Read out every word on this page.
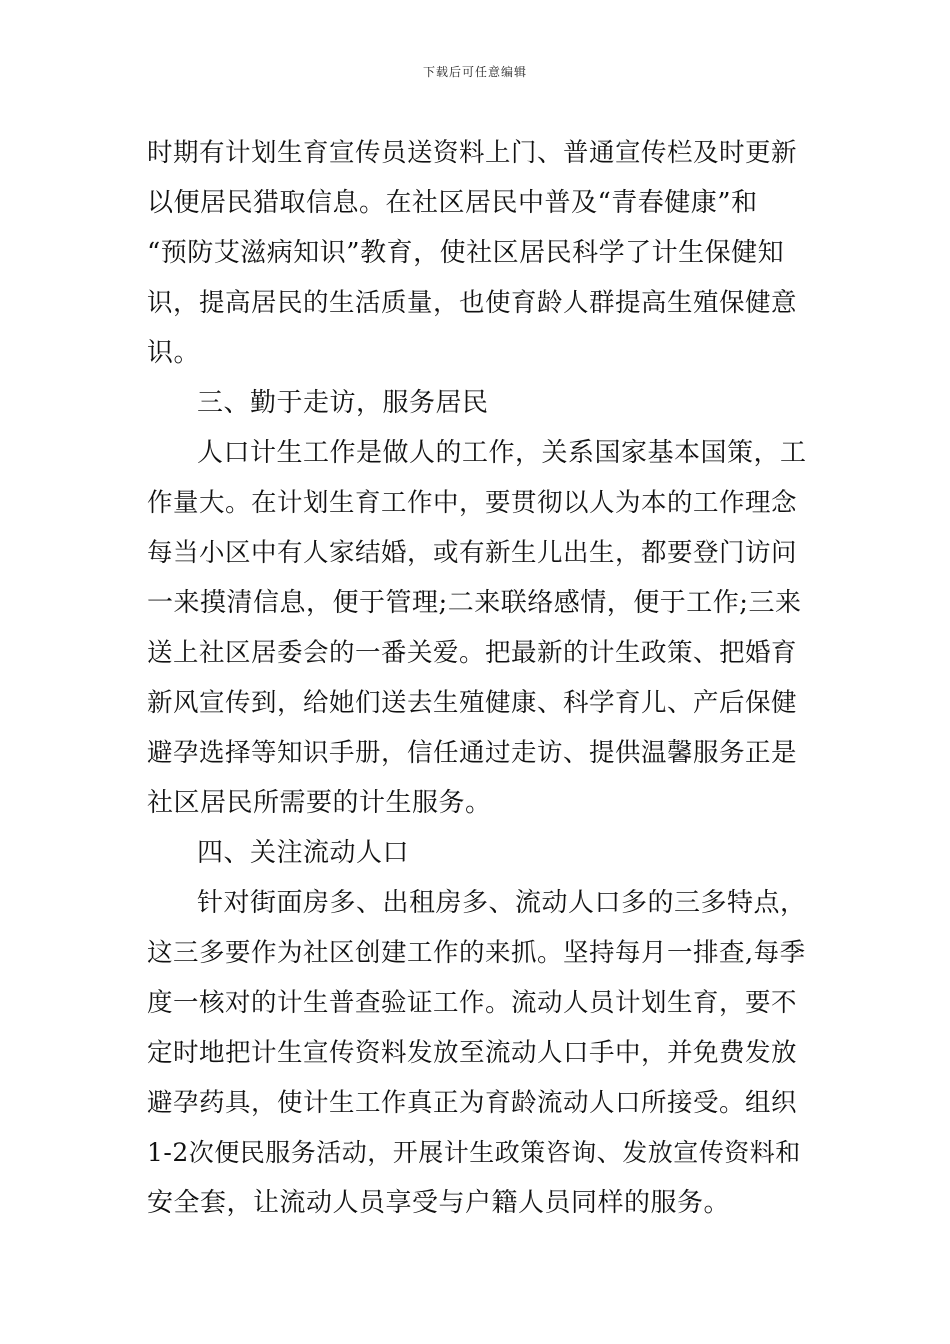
下载后可任意编辑
时期有计划生育宣传员送资料上门、普通宣传栏及时更新
以便居民猎取信息。在社区居民中普及“青春健康”和
“预防艾滋病知识”教育，使社区居民科学了计生保健知
识，提高居民的生活质量，也使育龄人群提高生殖保健意
识。
三、勤于走访，服务居民
人口计生工作是做人的工作，关系国家基本国策，工
作量大。在计划生育工作中，要贯彻以人为本的工作理念
每当小区中有人家结婚，或有新生儿出生，都要登门访问
一来摸清信息，便于管理;二来联络感情，便于工作;三来
送上社区居委会的一番关爱。把最新的计生政策、把婚育
新风宣传到，给她们送去生殖健康、科学育儿、产后保健
避孕选择等知识手册，信任通过走访、提供温馨服务正是
社区居民所需要的计生服务。
四、关注流动人口
针对街面房多、出租房多、流动人口多的三多特点，
这三多要作为社区创建工作的来抓。坚持每月一排查,每季
度一核对的计生普查验证工作。流动人员计划生育，要不
定时地把计生宣传资料发放至流动人口手中，并免费发放
避孕药具，使计生工作真正为育龄流动人口所接受。组织
1-2次便民服务活动，开展计生政策咨询、发放宣传资料和
安全套，让流动人员享受与户籍人员同样的服务。
